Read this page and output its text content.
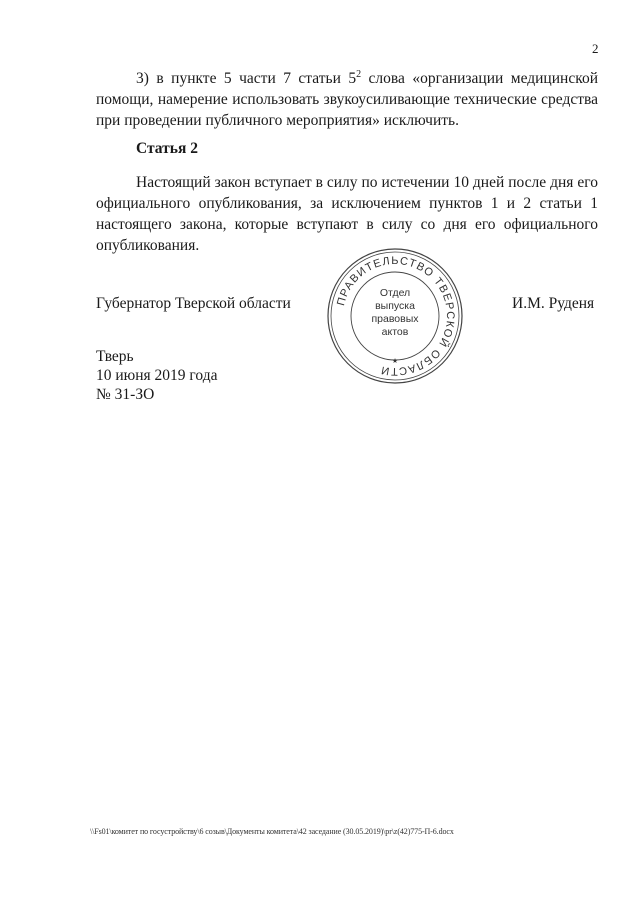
2

3) в пункте 5 части 7 статьи $5^2$ слова «организации медицинской помощи, намерение использовать звукоусиливающие технические средства при проведении публичного мероприятия» исключить.

Статья 2

Настоящий закон вступает в силу по истечении 10 дней после дня его официального опубликования, за исключением пунктов 1 и 2 статьи 1 настоящего закона, которые вступают в силу со дня его официального опубликования.

Губернатор Тверской области	И.М. Руденя
ПРАВИТЕЛЬСТВО ТВЕРСКОЙ ОБЛАСТИ
★
Отдел
выпуска
правовых
актов
Тверь
10 июня 2019 года
№ 31-ЗО
\\Fs01\комитет по госустройству\6 созыв\Документы комитета\42 заседание (30.05.2019)\pr\z(42)775-П-6.docx
